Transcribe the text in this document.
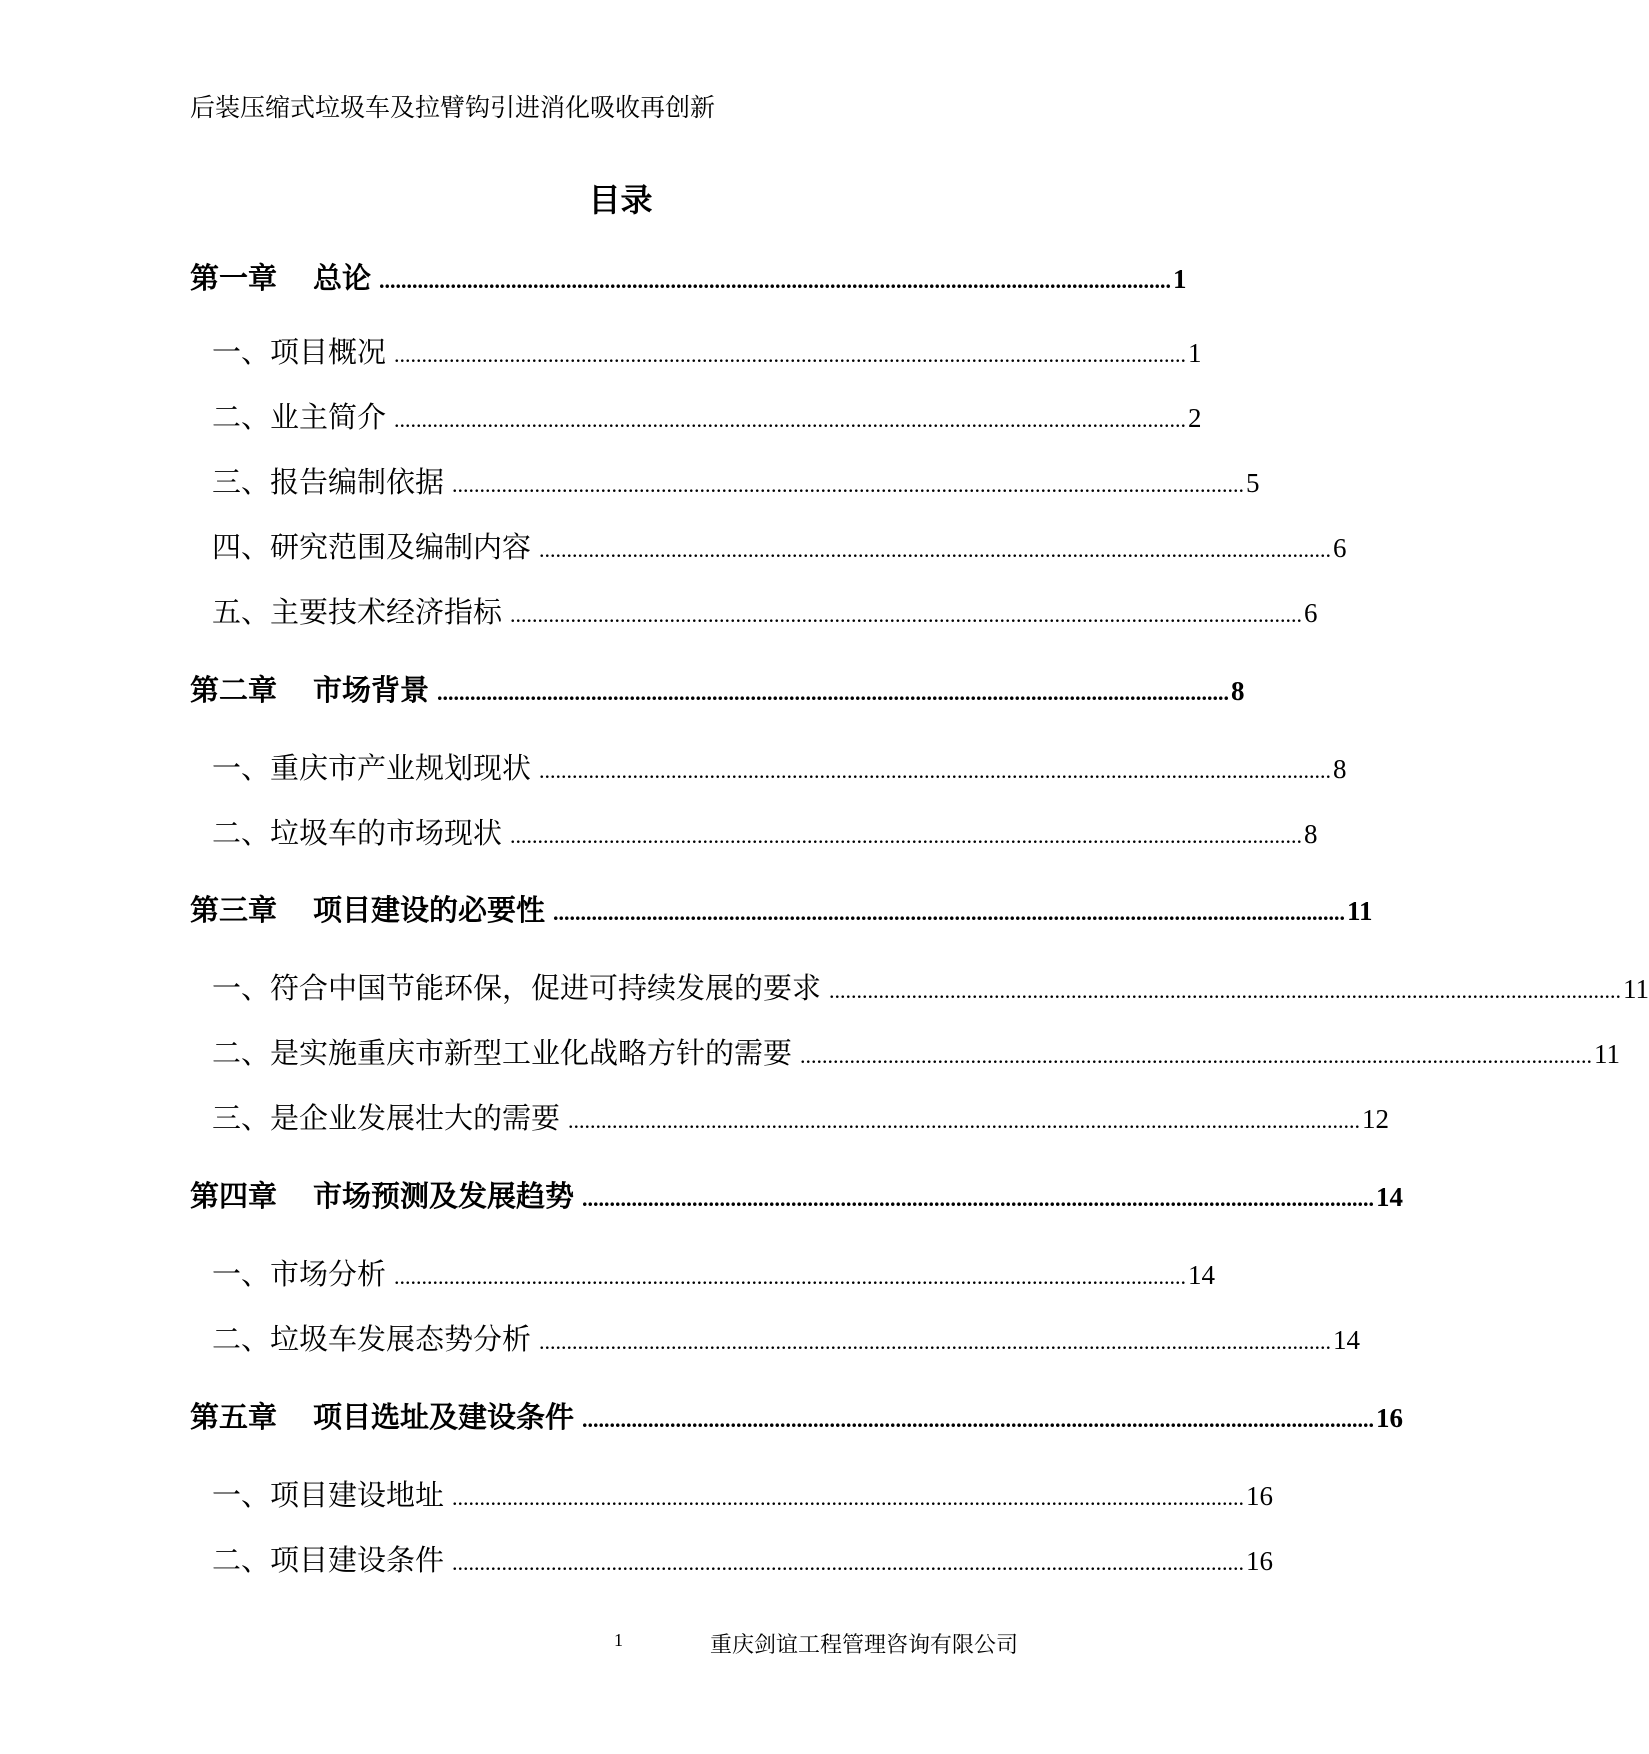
后装压缩式垃圾车及拉臂钩引进消化吸收再创新
目录
第一章 总论 ................................................................................................................................................ 1
一、项目概况 ................................................................................................................................................ 1
二、业主简介 ................................................................................................................................................ 2
三、报告编制依据 ................................................................................................................................................ 5
四、研究范围及编制内容 ................................................................................................................................................ 6
五、主要技术经济指标 ................................................................................................................................................ 6
第二章 市场背景 ................................................................................................................................................ 8
一、重庆市产业规划现状 ................................................................................................................................................ 8
二、垃圾车的市场现状 ................................................................................................................................................ 8
第三章 项目建设的必要性 ................................................................................................................................................ 11
一、符合中国节能环保，促进可持续发展的要求 ................................................................................................................................................ 11
二、是实施重庆市新型工业化战略方针的需要 ................................................................................................................................................ 11
三、是企业发展壮大的需要 ................................................................................................................................................ 12
第四章 市场预测及发展趋势 ................................................................................................................................................ 14
一、市场分析 ................................................................................................................................................ 14
二、垃圾车发展态势分析 ................................................................................................................................................ 14
第五章 项目选址及建设条件 ................................................................................................................................................ 16
一、项目建设地址 ................................................................................................................................................ 16
二、项目建设条件 ................................................................................................................................................ 16
1	重庆剑谊工程管理咨询有限公司
